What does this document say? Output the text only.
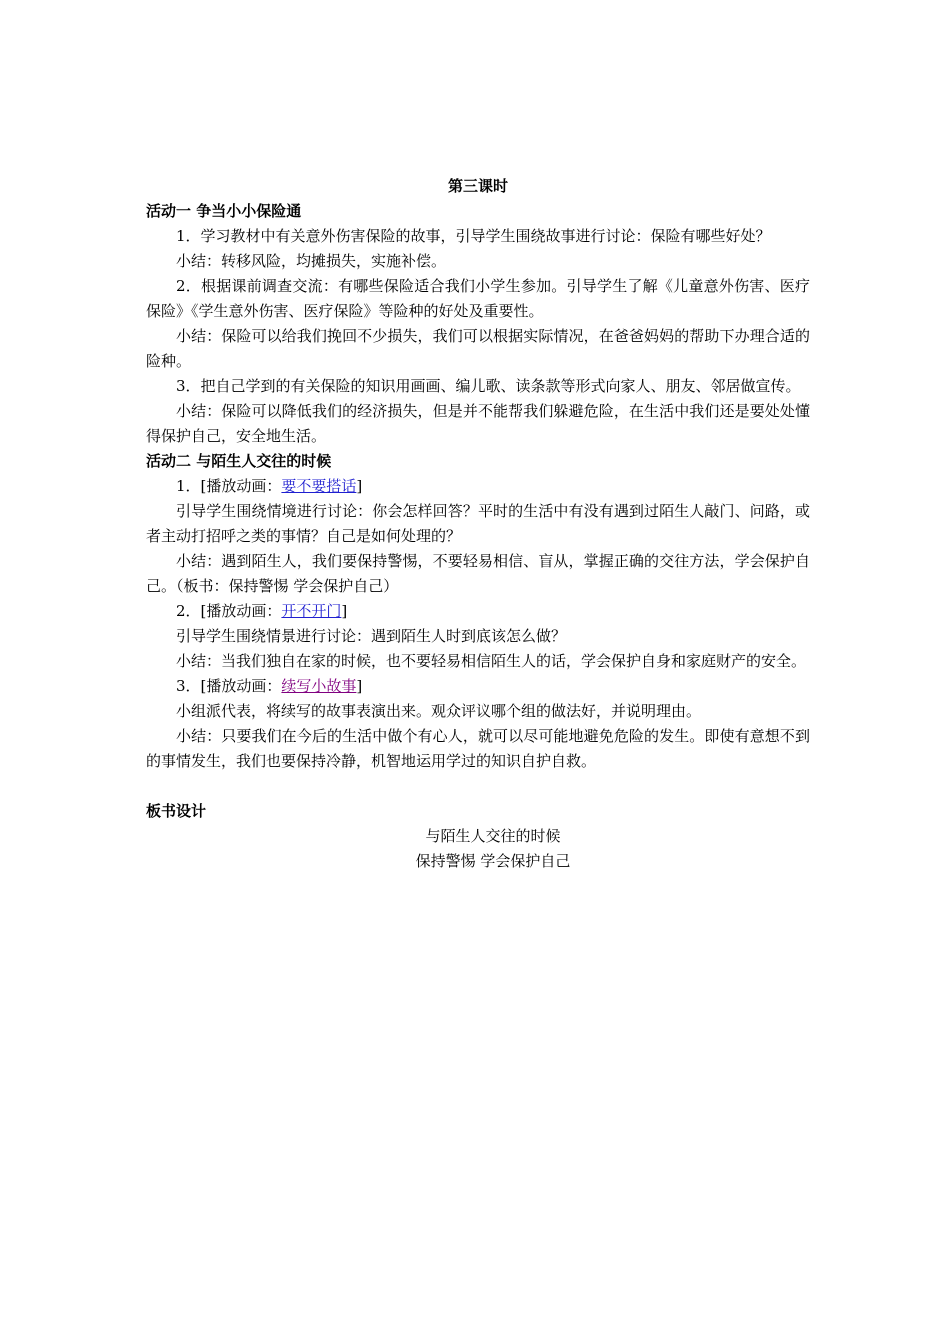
第三课时
活动一 争当小小保险通

1．学习教材中有关意外伤害保险的故事，引导学生围绕故事进行讨论：保险有哪些好处？

小结：转移风险，均摊损失，实施补偿。

2．根据课前调查交流：有哪些保险适合我们小学生参加。引导学生了解《儿童意外伤害、医疗保险》《学生意外伤害、医疗保险》等险种的好处及重要性。

小结：保险可以给我们挽回不少损失，我们可以根据实际情况，在爸爸妈妈的帮助下办理合适的险种。

3．把自己学到的有关保险的知识用画画、编儿歌、读条款等形式向家人、朋友、邻居做宣传。

小结：保险可以降低我们的经济损失，但是并不能帮我们躲避危险，在生活中我们还是要处处懂得保护自己，安全地生活。

活动二 与陌生人交往的时候

1．[播放动画：要不要搭话]

引导学生围绕情境进行讨论：你会怎样回答？平时的生活中有没有遇到过陌生人敲门、问路，或者主动打招呼之类的事情？自己是如何处理的？

小结：遇到陌生人，我们要保持警惕，不要轻易相信、盲从，掌握正确的交往方法，学会保护自己。（板书：保持警惕 学会保护自己）

2．[播放动画：开不开门]

引导学生围绕情景进行讨论：遇到陌生人时到底该怎么做？

小结：当我们独自在家的时候，也不要轻易相信陌生人的话，学会保护自身和家庭财产的安全。

3．[播放动画：续写小故事]

小组派代表，将续写的故事表演出来。观众评议哪个组的做法好，并说明理由。

小结：只要我们在今后的生活中做个有心人，就可以尽可能地避免危险的发生。即使有意想不到的事情发生，我们也要保持冷静，机智地运用学过的知识自护自救。

板书设计

与陌生人交往的时候

保持警惕 学会保护自己
